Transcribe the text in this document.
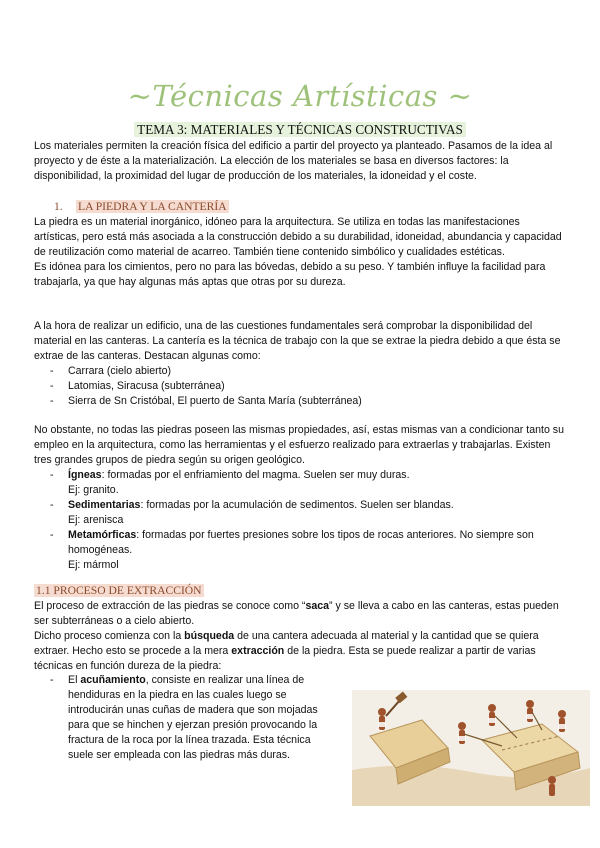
~Técnicas Artísticas ~
TEMA 3: MATERIALES Y TÉCNICAS CONSTRUCTIVAS

Los materiales permiten la creación física del edificio a partir del proyecto ya planteado. Pasamos de la idea al proyecto y de éste a la materialización. La elección de los materiales se basa en diversos factores: la disponibilidad, la proximidad del lugar de producción de los materiales, la idoneidad y el coste.

1. LA PIEDRA Y LA CANTERÍA

La piedra es un material inorgánico, idóneo para la arquitectura. Se utiliza en todas las manifestaciones artísticas, pero está más asociada a la construcción debido a su durabilidad, idoneidad, abundancia y capacidad de reutilización como material de acarreo. También tiene contenido simbólico y cualidades estéticas.

Es idónea para los cimientos, pero no para las bóvedas, debido a su peso. Y también influye la facilidad para trabajarla, ya que hay algunas más aptas que otras por su dureza.

A la hora de realizar un edificio, una de las cuestiones fundamentales será comprobar la disponibilidad del material en las canteras. La cantería es la técnica de trabajo con la que se extrae la piedra debido a que ésta se extrae de las canteras. Destacan algunas como:

- Carrara (cielo abierto)
- Latomias, Siracusa (subterránea)
- Sierra de Sn Cristóbal, El puerto de Santa María (subterránea)

No obstante, no todas las piedras poseen las mismas propiedades, así, estas mismas van a condicionar tanto su empleo en la arquitectura, como las herramientas y el esfuerzo realizado para extraerlas y trabajarlas. Existen tres grandes grupos de piedra según su origen geológico.

- Ígneas: formadas por el enfriamiento del magma. Suelen ser muy duras.
Ej: granito.
- Sedimentarias: formadas por la acumulación de sedimentos. Suelen ser blandas.
Ej: arenisca
- Metamórficas: formadas por fuertes presiones sobre los tipos de rocas anteriores. No siempre son homogéneas.
Ej: mármol
1.1 PROCESO DE EXTRACCIÓN

El proceso de extracción de las piedras se conoce como “saca” y se lleva a cabo en las canteras, estas pueden ser subterráneas o a cielo abierto.

Dicho proceso comienza con la búsqueda de una cantera adecuada al material y la cantidad que se quiera extraer. Hecho esto se procede a la mera extracción de la piedra. Esta se puede realizar a partir de varias técnicas en función dureza de la piedra:

- El acuñamiento, consiste en realizar una línea de hendiduras en la piedra en las cuales luego se introducirán unas cuñas de madera que son mojadas para que se hinchen y ejerzan presión provocando la fractura de la roca por la línea trazada. Esta técnica suele ser empleada con las piedras más duras.
